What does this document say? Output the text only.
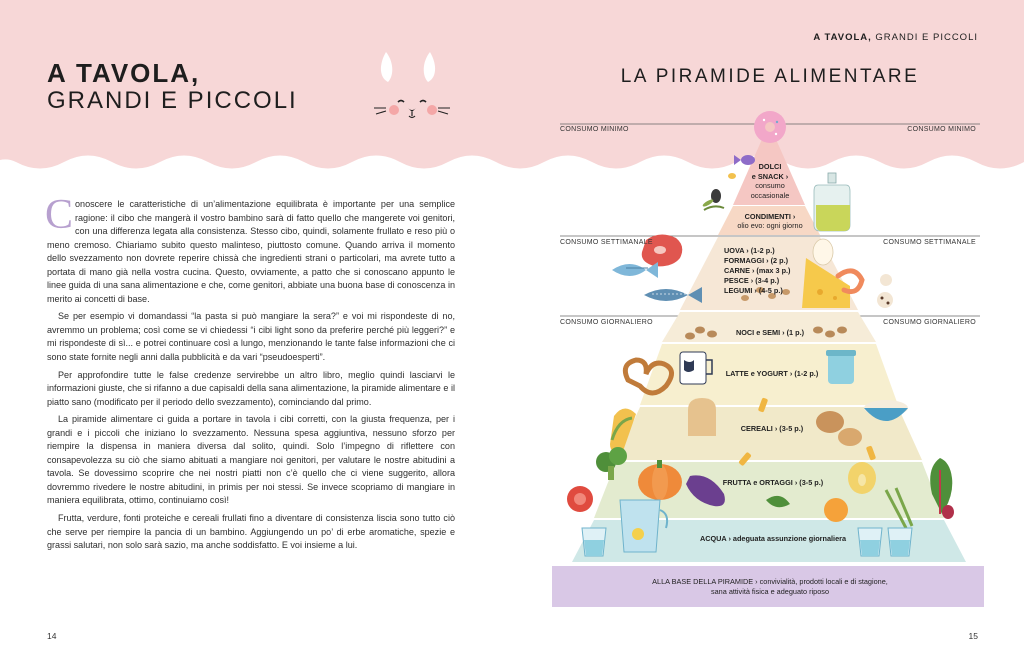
A TAVOLA,
GRANDI E PICCOLI
A TAVOLA, GRANDI E PICCOLI
LA PIRAMIDE ALIMENTARE

Conoscere le caratteristiche di un’alimentazione equilibrata è importante per una semplice ragione: il cibo che mangerà il vostro bambino sarà di fatto quello che mangerete voi genitori, con una differenza legata alla consistenza. Stesso cibo, quindi, solamente frullato e reso più o meno cremoso. Chiariamo subito questo malinteso, piuttosto comune. Quando arriva il momento dello svezzamento non dovrete reperire chissà che ingredienti strani o particolari, ma avrete tutto a portata di mano già nella vostra cucina. Questo, ovviamente, a patto che si conoscano appunto le linee guida di una sana alimentazione e che, come genitori, abbiate una buona base di conoscenza in merito ai concetti di base.

Se per esempio vi domandassi “la pasta si può mangiare la sera?” e voi mi rispondeste di no, avremmo un problema; così come se vi chiedessi “i cibi light sono da preferire perché più leggeri?” e mi rispondeste di sì... e potrei continuare così a lungo, menzionando le tante false informazioni che ci sono state fornite negli anni dalla pubblicità e da vari “pseudoesperti”.

Per approfondire tutte le false credenze servirebbe un altro libro, meglio quindi lasciarvi le informazioni giuste, che si rifanno a due capisaldi della sana alimentazione, la piramide alimentare e il piatto sano (modificato per il periodo dello svezzamento), cominciando dal primo.

La piramide alimentare ci guida a portare in tavola i cibi corretti, con la giusta frequenza, per i grandi e i piccoli che iniziano lo svezzamento. Nessuna spesa aggiuntiva, nessuno sforzo per riempire la dispensa in maniera diversa dal solito, quindi. Solo l’impegno di riflettere con consapevolezza su ciò che siamo abituati a mangiare noi genitori, per valutare le nostre abitudini a tavola. Se dovessimo scoprire che nei nostri piatti non c’è quello che ci viene suggerito, allora dovremmo rivedere le nostre abitudini, in primis per noi stessi. Se invece scopriamo di mangiare in maniera equilibrata, ottimo, continuiamo così!

Frutta, verdure, fonti proteiche e cereali frullati fino a diventare di consistenza liscia sono tutto ciò che serve per riempire la pancia di un bambino. Aggiungendo un po’ di erbe aromatiche, spezie e grassi salutari, non solo sarà sazio, ma anche soddisfatto. E voi insieme a lui.

CONSUMO MINIMO	CONSUMO MINIMO
CONSUMO SETTIMANALE	CONSUMO SETTIMANALE
CONSUMO GIORNALIERO	CONSUMO GIORNALIERO
DOLCI
e SNACK ›
consumo
occasionale
CONDIMENTI ›
olio evo: ogni giorno
UOVA › (1-2 p.)
FORMAGGI › (2 p.)
CARNE › (max 3 p.)
PESCE › (3-4 p.)
LEGUMI › (4-5 p.)
NOCI e SEMI › (1 p.)
LATTE e YOGURT › (1-2 p.)
CEREALI › (3-5 p.)
FRUTTA e ORTAGGI › (3-5 p.)
ACQUA › adeguata assunzione giornaliera
ALLA BASE DELLA PIRAMIDE › convivialità, prodotti locali e di stagione,
sana attività fisica e adeguato riposo
14	15
